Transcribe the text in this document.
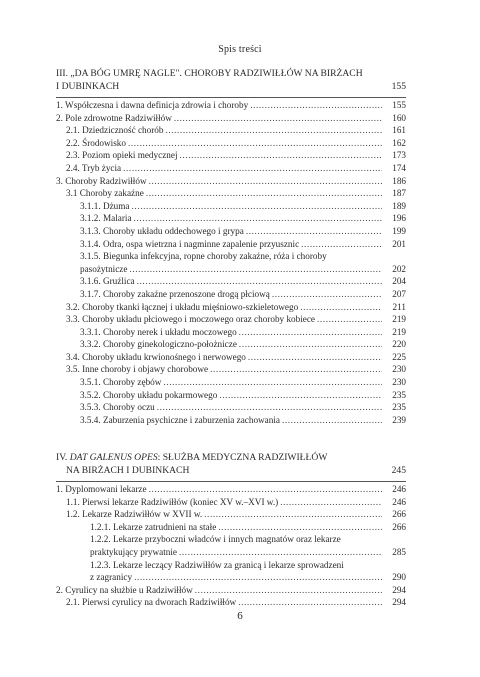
Spis treści
III. „DA BÓG UMRĘ NAGLE". CHOROBY RADZIWIŁŁÓW NA BIRŻACH
I DUBINKACH	155
1. Współczesna i dawna definicja zdrowia i choroby .....	155
2. Pole zdrowotne Radziwiłłów .....	160
2.1. Dziedziczność chorób .....	161
2.2. Środowisko .....	162
2.3. Poziom opieki medycznej .....	173
2.4. Tryb życia .....	174
3. Choroby Radziwiłłów .....	186
3.1 Choroby zakaźne .....	187
3.1.1. Dżuma .....	189
3.1.2. Malaria .....	196
3.1.3. Choroby układu oddechowego i grypa .....	199
3.1.4. Odra, ospa wietrzna i nagminne zapalenie przyusznic .....	201
3.1.5. Biegunka infekcyjna, ropne choroby zakaźne, róża i choroby
pasożytnicze .....	202
3.1.6. Gruźlica .....	204
3.1.7. Choroby zakaźne przenoszone drogą płciową .....	207
3.2. Choroby tkanki łącznej i układu mięśniowo-szkieletowego .....	211
3.3. Choroby układu płciowego i moczowego oraz choroby kobiece .....	219
3.3.1. Choroby nerek i układu moczowego .....	219
3.3.2. Choroby ginekologiczno-położnicze .....	220
3.4. Choroby układu krwionośnego i nerwowego .....	225
3.5. Inne choroby i objawy chorobowe .....	230
3.5.1. Choroby zębów .....	230
3.5.2. Choroby układu pokarmowego .....	235
3.5.3. Choroby oczu .....	235
3.5.4. Zaburzenia psychiczne i zaburzenia zachowania .....	239
IV. DAT GALENUS OPES: SŁUŻBA MEDYCZNA RADZIWIŁŁÓW
NA BIRŻACH I DUBINKACH	245
1. Dyplomowani lekarze .....	246
1.1. Pierwsi lekarze Radziwiłłów (koniec XV w.–XVI w.) .....	246
1.2. Lekarze Radziwiłłów w XVII w. .....	266
1.2.1. Lekarze zatrudnieni na stałe .....	266
1.2.2. Lekarze przyboczni władców i innych magnatów oraz lekarze
praktykujący prywatnie .....	285
1.2.3. Lekarze leczący Radziwiłłów za granicą i lekarze sprowadzeni
z zagranicy .....	290
2. Cyrulicy na służbie u Radziwiłłów .....	294
2.1. Pierwsi cyrulicy na dworach Radziwiłłów .....	294
6
